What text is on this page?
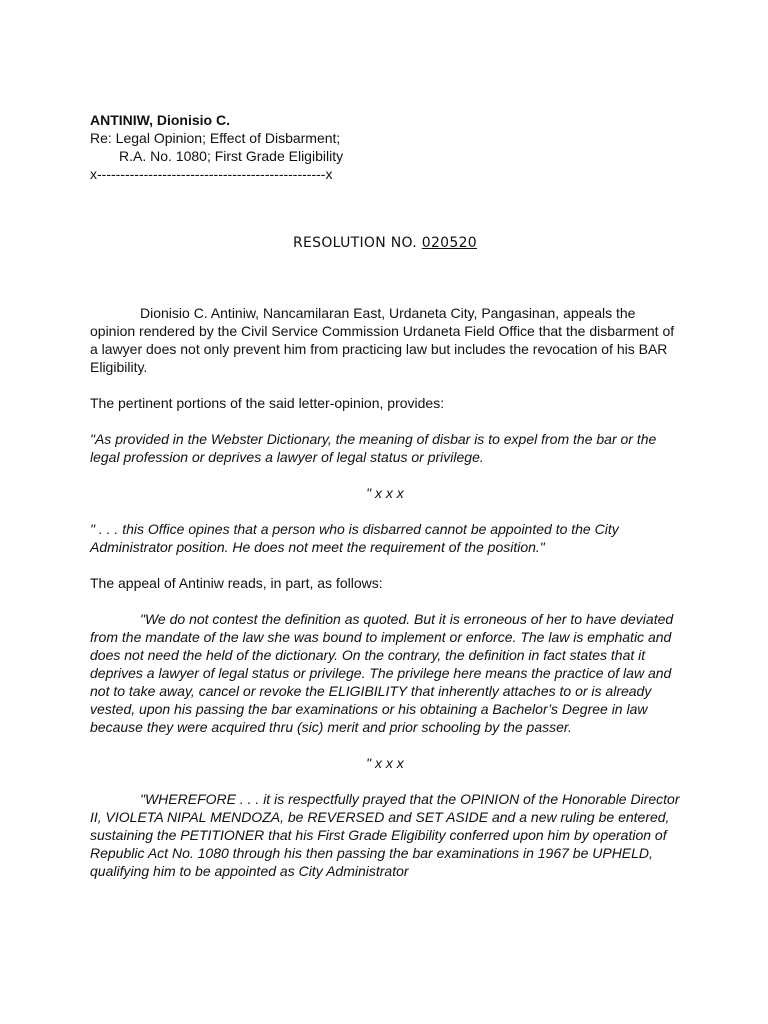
ANTINIW, Dionisio C.
Re: Legal Opinion; Effect of Disbarment;
R.A. No. 1080; First Grade Eligibility
x-------------------------------------------------x
RESOLUTION NO. 020520

Dionisio C. Antiniw, Nancamilaran East, Urdaneta City, Pangasinan, appeals the opinion rendered by the Civil Service Commission Urdaneta Field Office that the disbarment of a lawyer does not only prevent him from practicing law but includes the revocation of his BAR Eligibility.

The pertinent portions of the said letter-opinion, provides:

"As provided in the Webster Dictionary, the meaning of disbar is to expel from the bar or the legal profession or deprives a lawyer of legal status or privilege.

" x x x

" . . . this Office opines that a person who is disbarred cannot be appointed to the City Administrator position. He does not meet the requirement of the position."

The appeal of Antiniw reads, in part, as follows:

"We do not contest the definition as quoted. But it is erroneous of her to have deviated from the mandate of the law she was bound to implement or enforce. The law is emphatic and does not need the held of the dictionary. On the contrary, the definition in fact states that it deprives a lawyer of legal status or privilege. The privilege here means the practice of law and not to take away, cancel or revoke the ELIGIBILITY that inherently attaches to or is already vested, upon his passing the bar examinations or his obtaining a Bachelor’s Degree in law because they were acquired thru (sic) merit and prior schooling by the passer.

" x x x

"WHEREFORE . . . it is respectfully prayed that the OPINION of the Honorable Director II, VIOLETA NIPAL MENDOZA, be REVERSED and SET ASIDE and a new ruling be entered, sustaining the PETITIONER that his First Grade Eligibility conferred upon him by operation of Republic Act No. 1080 through his then passing the bar examinations in 1967 be UPHELD, qualifying him to be appointed as City Administrator
